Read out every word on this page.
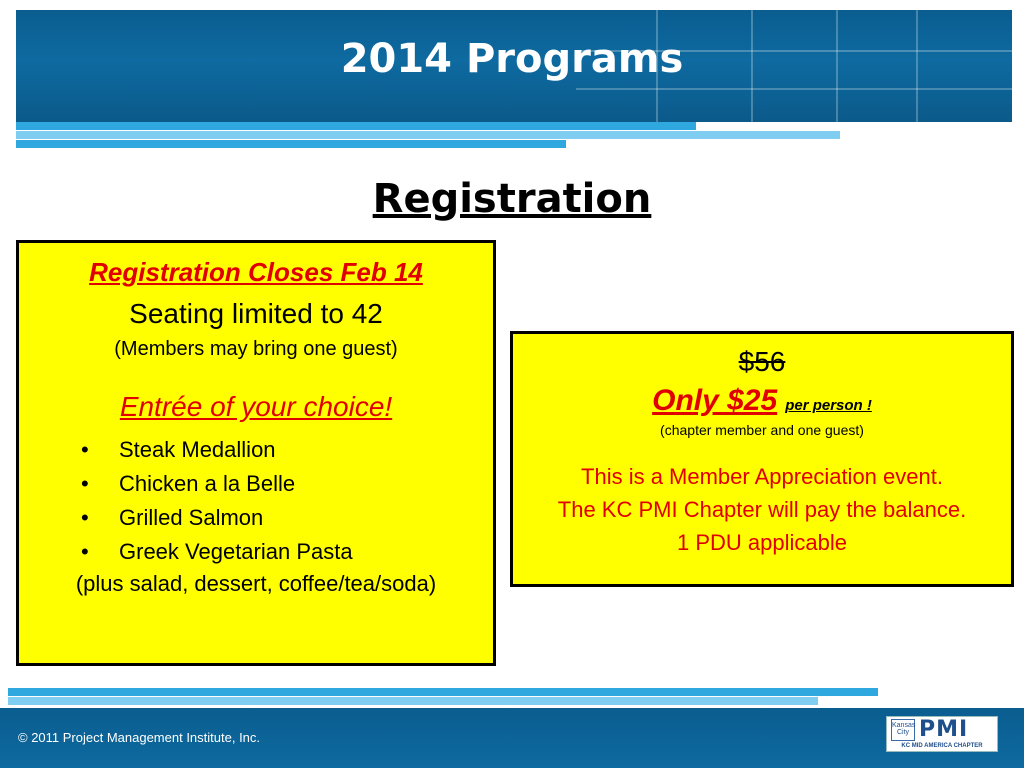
2014 Programs
Registration
Registration Closes Feb 14
Seating limited to 42
(Members may bring one guest)
Entrée of your choice!
• Steak Medallion
• Chicken a la Belle
• Grilled Salmon
• Greek Vegetarian Pasta
(plus salad, dessert, coffee/tea/soda)
$56
Only $25 per person !
(chapter member and one guest)
This is a Member Appreciation event.
The KC PMI Chapter will pay the balance.
1 PDU applicable
© 2011 Project Management Institute, Inc.
Kansas City PMI
KC MID AMERICA CHAPTER
